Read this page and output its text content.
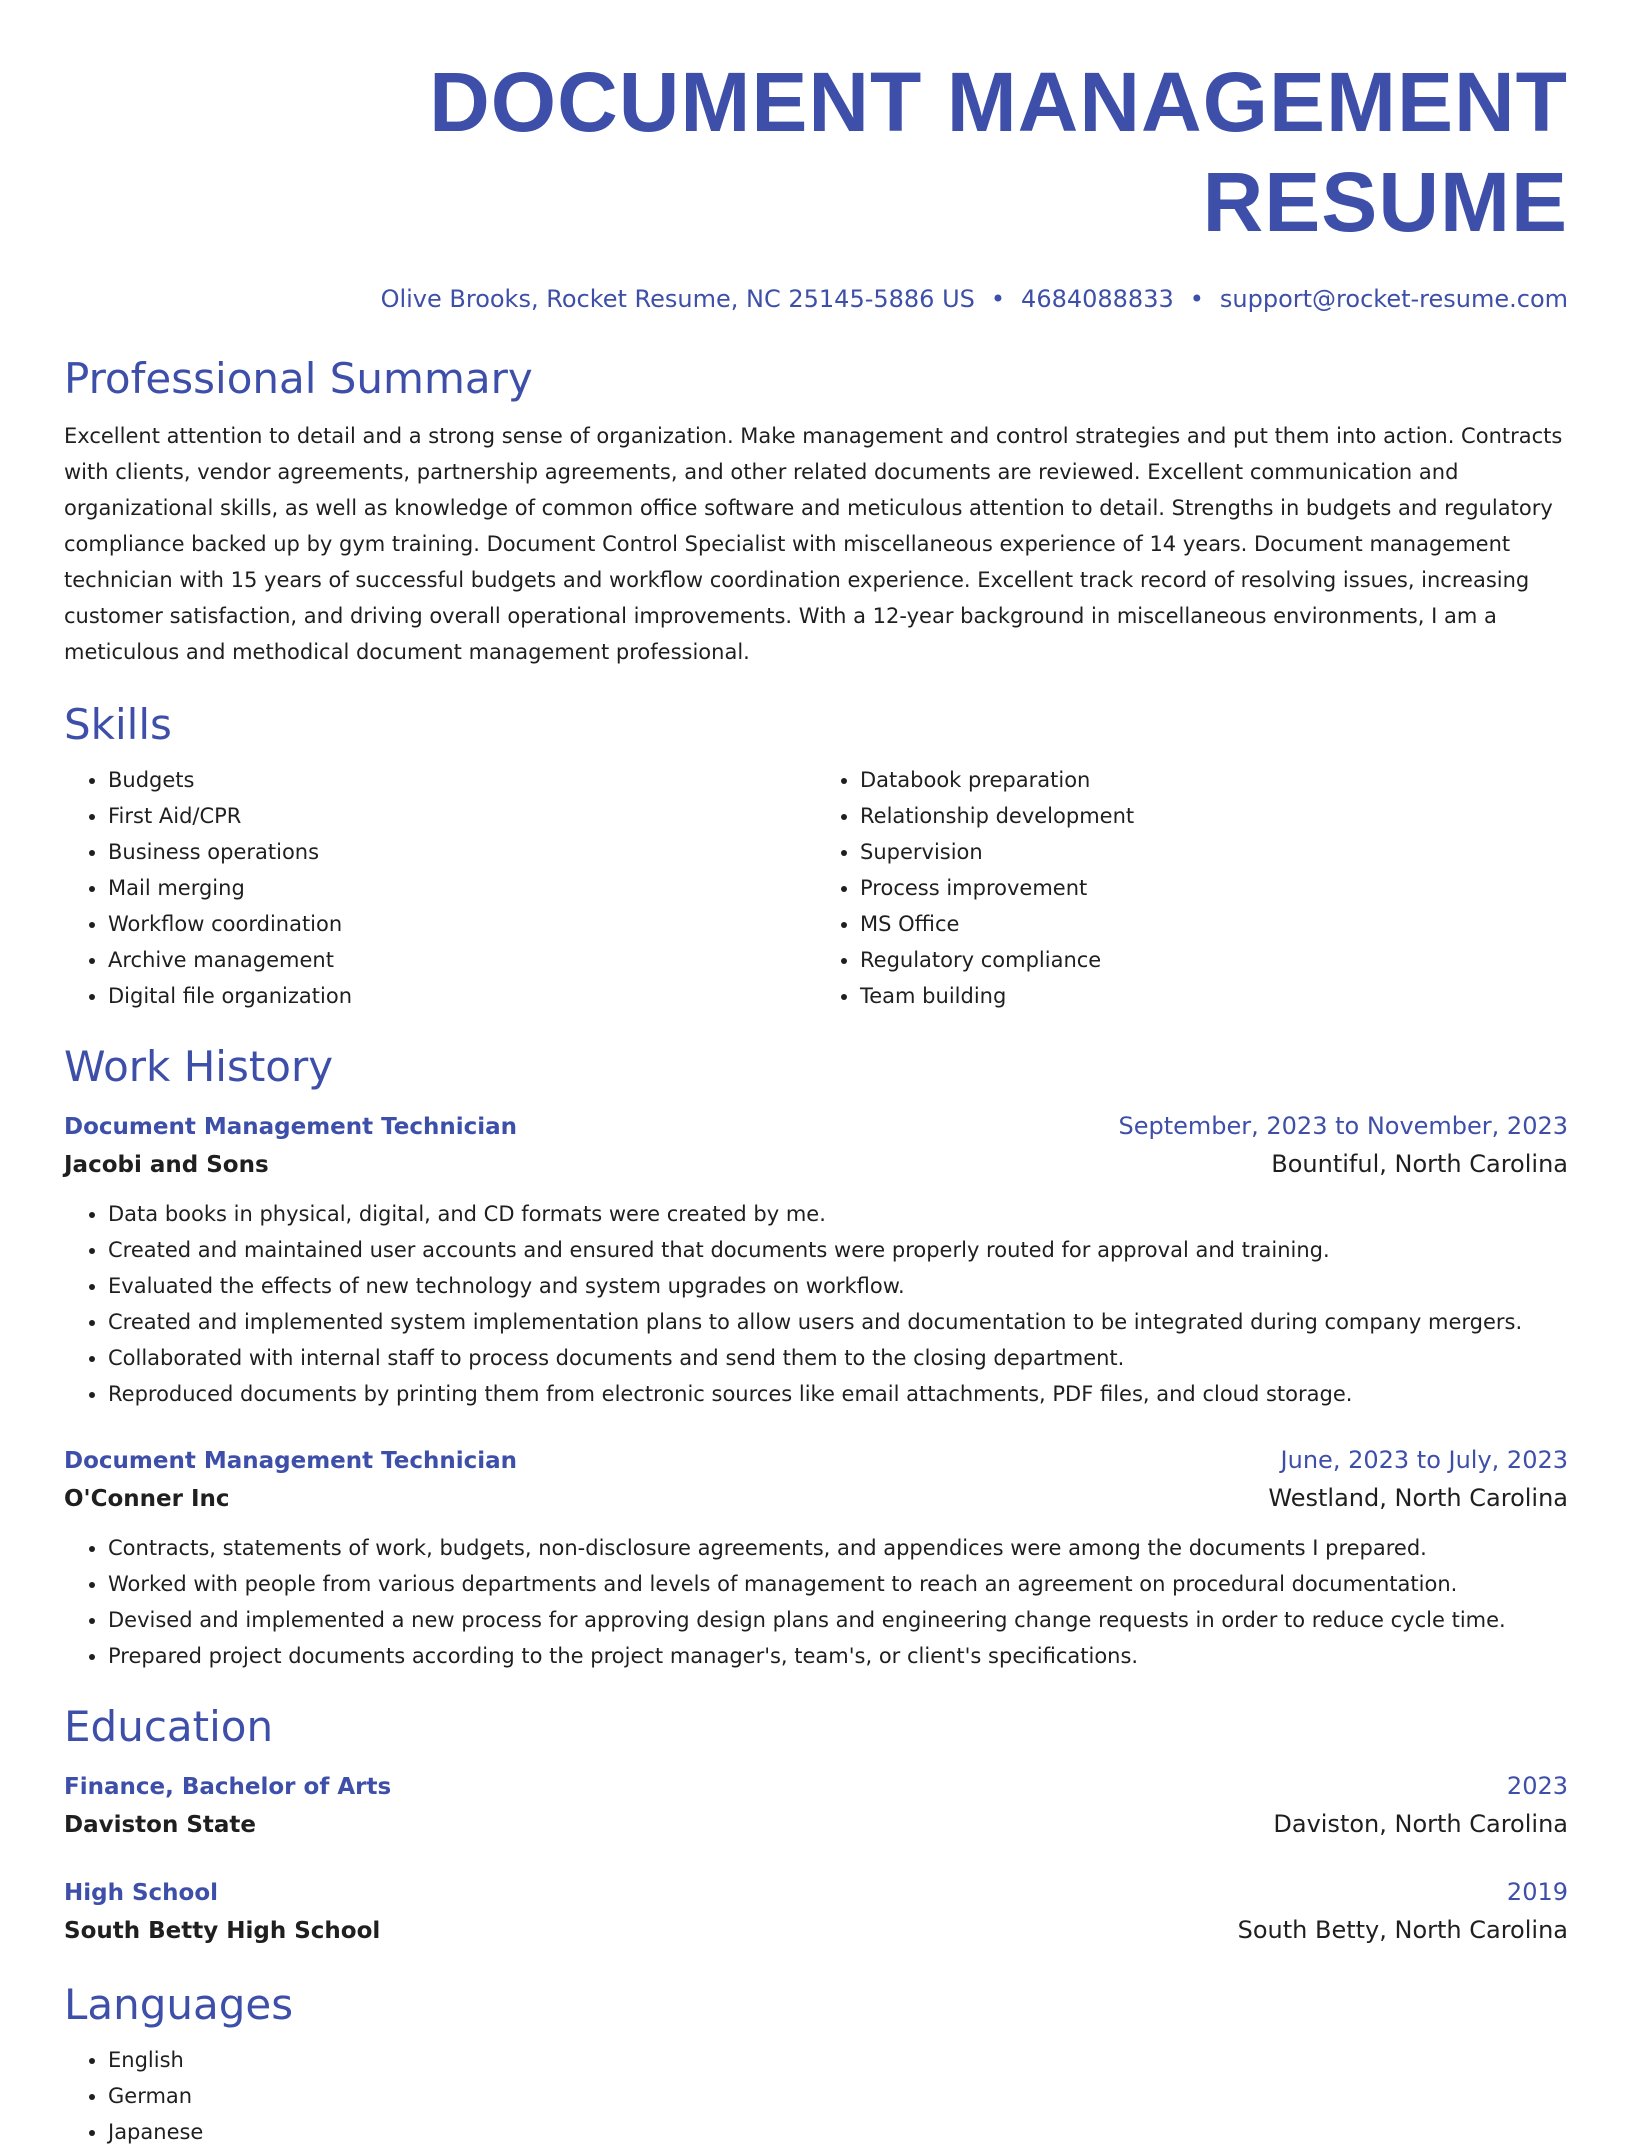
DOCUMENT MANAGEMENT RESUME
Olive Brooks, Rocket Resume, NC 25145-5886 US • 4684088833 • support@rocket-resume.com
Professional Summary
Excellent attention to detail and a strong sense of organization. Make management and control strategies and put them into action. Contracts with clients, vendor agreements, partnership agreements, and other related documents are reviewed. Excellent communication and organizational skills, as well as knowledge of common office software and meticulous attention to detail. Strengths in budgets and regulatory compliance backed up by gym training. Document Control Specialist with miscellaneous experience of 14 years. Document management technician with 15 years of successful budgets and workflow coordination experience. Excellent track record of resolving issues, increasing customer satisfaction, and driving overall operational improvements. With a 12-year background in miscellaneous environments, I am a meticulous and methodical document management professional.
Skills
• Budgets
• First Aid/CPR
• Business operations
• Mail merging
• Workflow coordination
• Archive management
• Digital file organization
• Databook preparation
• Relationship development
• Supervision
• Process improvement
• MS Office
• Regulatory compliance
• Team building
Work History
Document Management Technician	September, 2023 to November, 2023
Jacobi and Sons	Bountiful, North Carolina
• Data books in physical, digital, and CD formats were created by me.
• Created and maintained user accounts and ensured that documents were properly routed for approval and training.
• Evaluated the effects of new technology and system upgrades on workflow.
• Created and implemented system implementation plans to allow users and documentation to be integrated during company mergers.
• Collaborated with internal staff to process documents and send them to the closing department.
• Reproduced documents by printing them from electronic sources like email attachments, PDF files, and cloud storage.
Document Management Technician	June, 2023 to July, 2023
O'Conner Inc	Westland, North Carolina
• Contracts, statements of work, budgets, non-disclosure agreements, and appendices were among the documents I prepared.
• Worked with people from various departments and levels of management to reach an agreement on procedural documentation.
• Devised and implemented a new process for approving design plans and engineering change requests in order to reduce cycle time.
• Prepared project documents according to the project manager's, team's, or client's specifications.
Education
Finance, Bachelor of Arts	2023
Daviston State	Daviston, North Carolina
High School	2019
South Betty High School	South Betty, North Carolina
Languages
• English
• German
• Japanese
